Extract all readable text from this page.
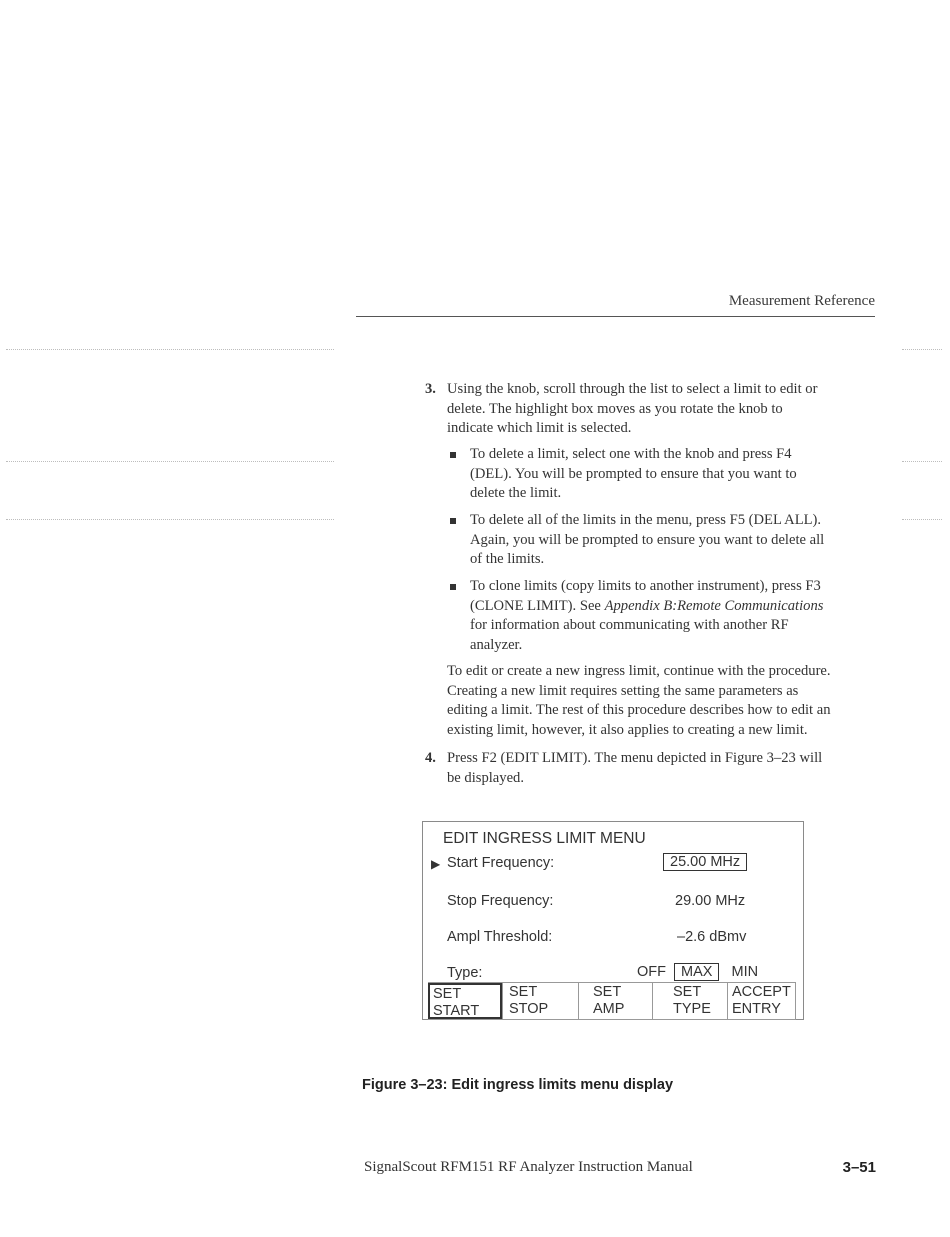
Measurement Reference
3. Using the knob, scroll through the list to select a limit to edit or
delete. The highlight box moves as you rotate the knob to
indicate which limit is selected.
To delete a limit, select one with the knob and press F4
(DEL). You will be prompted to ensure that you want to
delete the limit.
To delete all of the limits in the menu, press F5 (DEL ALL).
Again, you will be prompted to ensure you want to delete all
of the limits.
To clone limits (copy limits to another instrument), press F3
(CLONE LIMIT). See Appendix B:Remote Communications
for information about communicating with another RF
analyzer.
To edit or create a new ingress limit, continue with the procedure.
Creating a new limit requires setting the same parameters as
editing a limit. The rest of this procedure describes how to edit an
existing limit, however, it also applies to creating a new limit.
4. Press F2 (EDIT LIMIT). The menu depicted in Figure 3–23 will
be displayed.
EDIT INGRESS LIMIT MENU
▶ Start Frequency:	25.00 MHz
Stop Frequency:	29.00 MHz
Ampl Threshold:	–2.6 dBmv
Type:	OFF MAX MIN
SET
START
SET
STOP
SET
AMP
SET
TYPE
ACCEPT
ENTRY
Figure 3–23: Edit ingress limits menu display
SignalScout RFM151 RF Analyzer Instruction Manual	3–51
